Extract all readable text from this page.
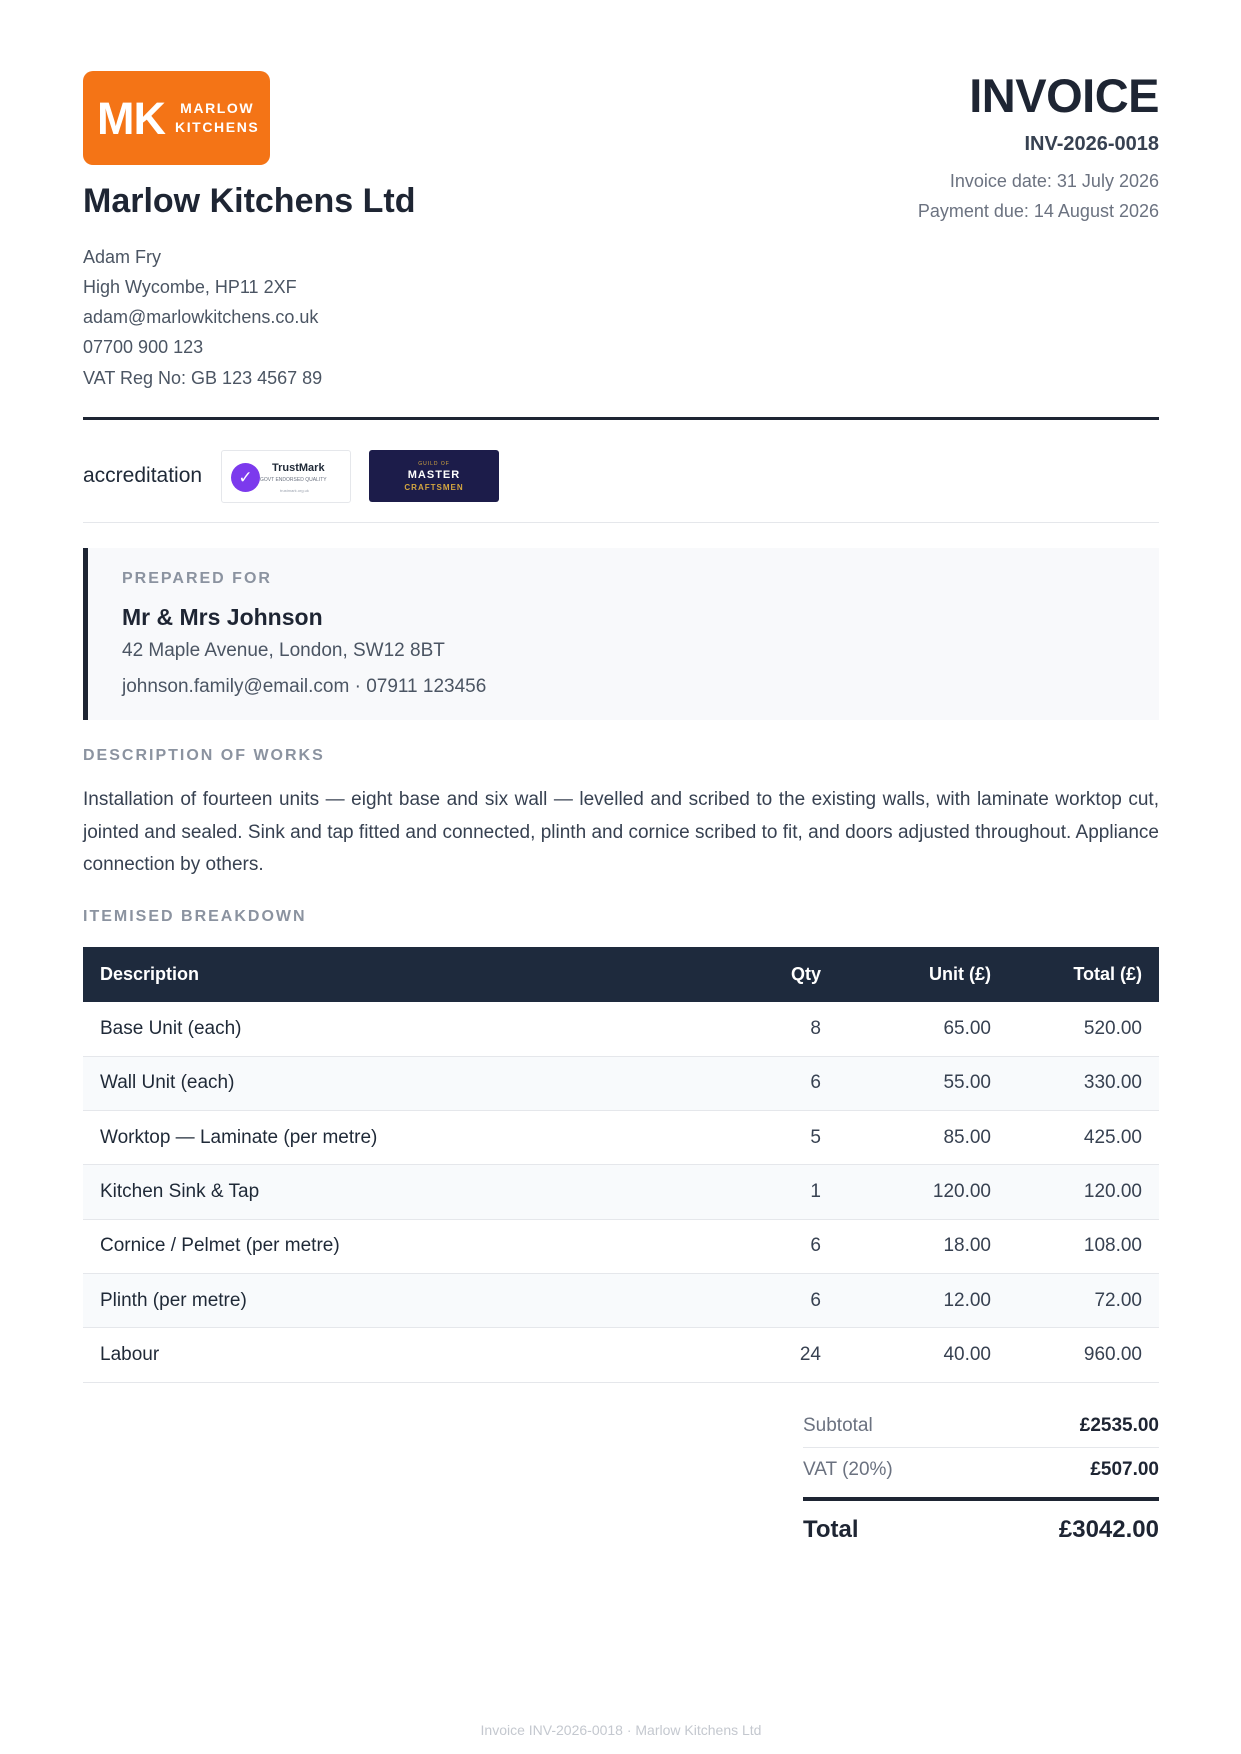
MK	MARLOW
KITCHENS
Marlow Kitchens Ltd
Adam Fry
High Wycombe, HP11 2XF
adam@marlowkitchens.co.uk
07700 900 123
VAT Reg No: GB 123 4567 89
INVOICE
INV-2026-0018
Invoice date: 31 July 2026
Payment due: 14 August 2026
accreditation	✓	TrustMark
GOVT ENDORSED QUALITY
trustmark.org.uk
GUILD OF
MASTER
CRAFTSMEN
PREPARED FOR
Mr & Mrs Johnson
42 Maple Avenue, London, SW12 8BT
johnson.family@email.com · 07911 123456
DESCRIPTION OF WORKS
Installation of fourteen units — eight base and six wall — levelled and scribed to the existing walls, with laminate worktop cut, jointed and sealed. Sink and tap fitted and connected, plinth and cornice scribed to fit, and doors adjusted throughout. Appliance connection by others.
ITEMISED BREAKDOWN
Description	Qty	Unit (£)	Total (£)
Base Unit (each)	8	65.00	520.00
Wall Unit (each)	6	55.00	330.00
Worktop — Laminate (per metre)	5	85.00	425.00
Kitchen Sink & Tap	1	120.00	120.00
Cornice / Pelmet (per metre)	6	18.00	108.00
Plinth (per metre)	6	12.00	72.00
Labour	24	40.00	960.00
Subtotal	£2535.00
VAT (20%)	£507.00
Total	£3042.00
Invoice INV-2026-0018 · Marlow Kitchens Ltd
